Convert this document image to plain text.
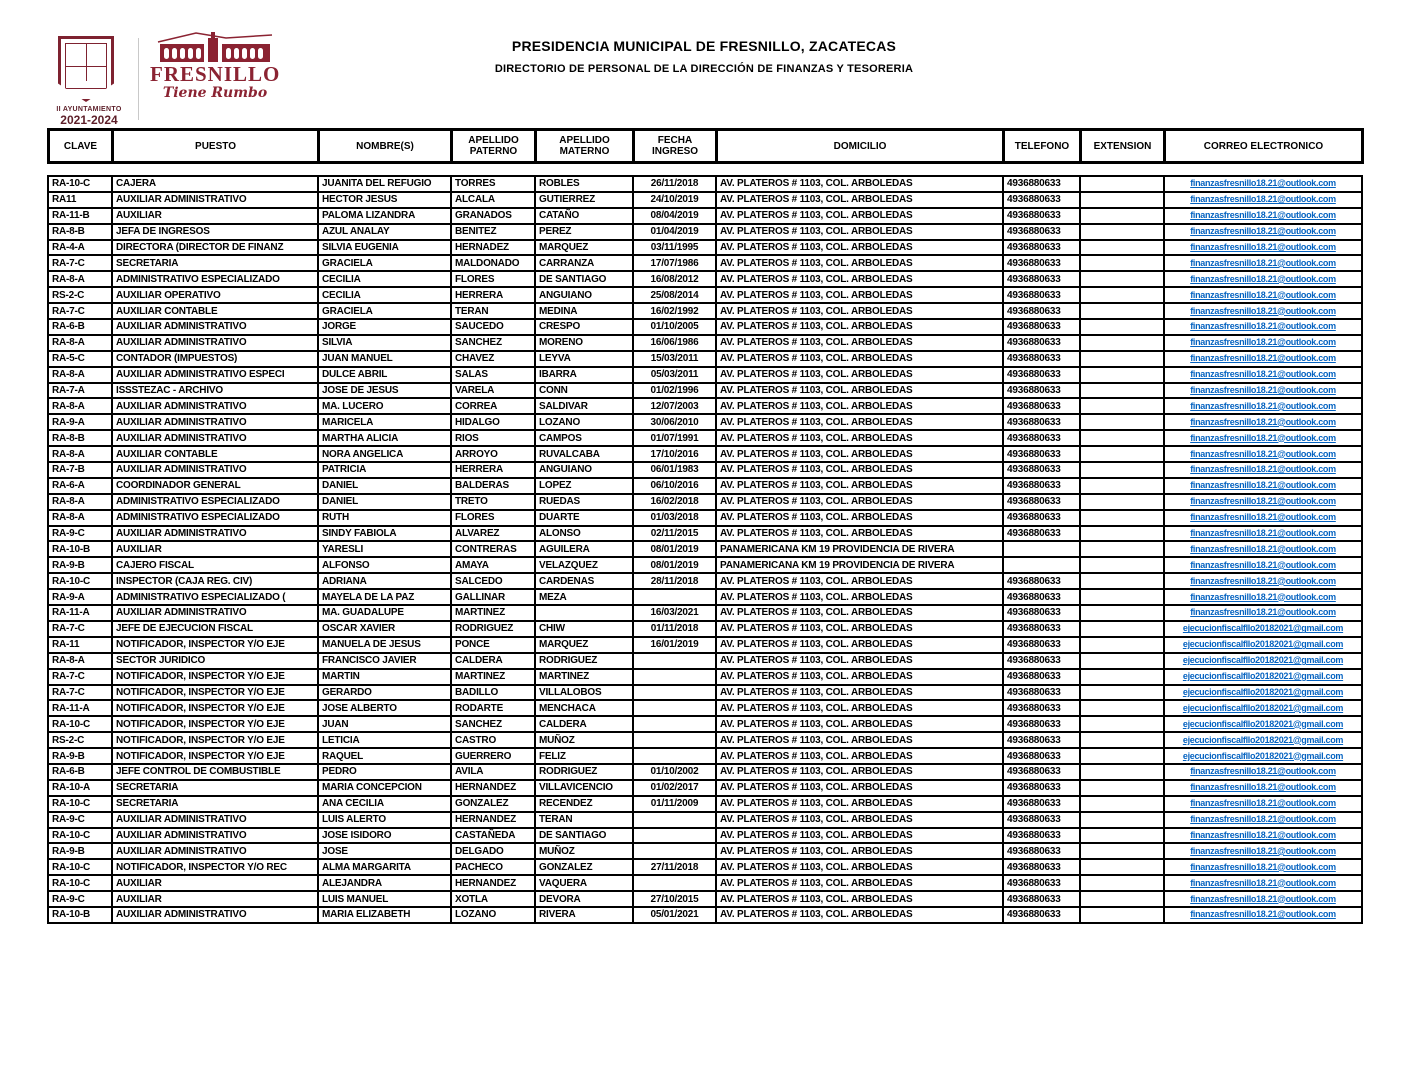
II AYUNTAMIENTO
2021-2024
FRESNILLO
Tiene Rumbo
PRESIDENCIA MUNICIPAL DE FRESNILLO, ZACATECAS
DIRECTORIO DE PERSONAL DE LA DIRECCIÓN DE FINANZAS Y TESORERIA
CLAVE	PUESTO	NOMBRE(S)	APELLIDO PATERNO	APELLIDO MATERNO	FECHA INGRESO	DOMICILIO	TELEFONO	EXTENSION	CORREO ELECTRONICO
RA-10-C	CAJERA	JUANITA DEL REFUGIO	TORRES	ROBLES	26/11/2018	AV. PLATEROS # 1103, COL. ARBOLEDAS	4936880633		finanzasfresnillo18.21@outlook.com
RA11	AUXILIAR ADMINISTRATIVO	HECTOR JESUS	ALCALA	GUTIERREZ	24/10/2019	AV. PLATEROS # 1103, COL. ARBOLEDAS	4936880633		finanzasfresnillo18.21@outlook.com
RA-11-B	AUXILIAR	PALOMA LIZANDRA	GRANADOS	CATAÑO	08/04/2019	AV. PLATEROS # 1103, COL. ARBOLEDAS	4936880633		finanzasfresnillo18.21@outlook.com
RA-8-B	JEFA DE INGRESOS	AZUL ANALAY	BENITEZ	PEREZ	01/04/2019	AV. PLATEROS # 1103, COL. ARBOLEDAS	4936880633		finanzasfresnillo18.21@outlook.com
RA-4-A	DIRECTORA (DIRECTOR DE FINANZ	SILVIA EUGENIA	HERNADEZ	MARQUEZ	03/11/1995	AV. PLATEROS # 1103, COL. ARBOLEDAS	4936880633		finanzasfresnillo18.21@outlook.com
RA-7-C	SECRETARIA	GRACIELA	MALDONADO	CARRANZA	17/07/1986	AV. PLATEROS # 1103, COL. ARBOLEDAS	4936880633		finanzasfresnillo18.21@outlook.com
RA-8-A	ADMINISTRATIVO ESPECIALIZADO	CECILIA	FLORES	DE SANTIAGO	16/08/2012	AV. PLATEROS # 1103, COL. ARBOLEDAS	4936880633		finanzasfresnillo18.21@outlook.com
RS-2-C	AUXILIAR OPERATIVO	CECILIA	HERRERA	ANGUIANO	25/08/2014	AV. PLATEROS # 1103, COL. ARBOLEDAS	4936880633		finanzasfresnillo18.21@outlook.com
RA-7-C	AUXILIAR CONTABLE	GRACIELA	TERAN	MEDINA	16/02/1992	AV. PLATEROS # 1103, COL. ARBOLEDAS	4936880633		finanzasfresnillo18.21@outlook.com
RA-6-B	AUXILIAR ADMINISTRATIVO	JORGE	SAUCEDO	CRESPO	01/10/2005	AV. PLATEROS # 1103, COL. ARBOLEDAS	4936880633		finanzasfresnillo18.21@outlook.com
RA-8-A	AUXILIAR ADMINISTRATIVO	SILVIA	SANCHEZ	MORENO	16/06/1986	AV. PLATEROS # 1103, COL. ARBOLEDAS	4936880633		finanzasfresnillo18.21@outlook.com
RA-5-C	CONTADOR (IMPUESTOS)	JUAN MANUEL	CHAVEZ	LEYVA	15/03/2011	AV. PLATEROS # 1103, COL. ARBOLEDAS	4936880633		finanzasfresnillo18.21@outlook.com
RA-8-A	AUXILIAR ADMINISTRATIVO ESPECI	DULCE ABRIL	SALAS	IBARRA	05/03/2011	AV. PLATEROS # 1103, COL. ARBOLEDAS	4936880633		finanzasfresnillo18.21@outlook.com
RA-7-A	ISSSTEZAC - ARCHIVO	JOSE DE JESUS	VARELA	CONN	01/02/1996	AV. PLATEROS # 1103, COL. ARBOLEDAS	4936880633		finanzasfresnillo18.21@outlook.com
RA-8-A	AUXILIAR ADMINISTRATIVO	MA. LUCERO	CORREA	SALDIVAR	12/07/2003	AV. PLATEROS # 1103, COL. ARBOLEDAS	4936880633		finanzasfresnillo18.21@outlook.com
RA-9-A	AUXILIAR ADMINISTRATIVO	MARICELA	HIDALGO	LOZANO	30/06/2010	AV. PLATEROS # 1103, COL. ARBOLEDAS	4936880633		finanzasfresnillo18.21@outlook.com
RA-8-B	AUXILIAR ADMINISTRATIVO	MARTHA ALICIA	RIOS	CAMPOS	01/07/1991	AV. PLATEROS # 1103, COL. ARBOLEDAS	4936880633		finanzasfresnillo18.21@outlook.com
RA-8-A	AUXILIAR CONTABLE	NORA ANGELICA	ARROYO	RUVALCABA	17/10/2016	AV. PLATEROS # 1103, COL. ARBOLEDAS	4936880633		finanzasfresnillo18.21@outlook.com
RA-7-B	AUXILIAR ADMINISTRATIVO	PATRICIA	HERRERA	ANGUIANO	06/01/1983	AV. PLATEROS # 1103, COL. ARBOLEDAS	4936880633		finanzasfresnillo18.21@outlook.com
RA-6-A	COORDINADOR GENERAL	DANIEL	BALDERAS	LOPEZ	06/10/2016	AV. PLATEROS # 1103, COL. ARBOLEDAS	4936880633		finanzasfresnillo18.21@outlook.com
RA-8-A	ADMINISTRATIVO ESPECIALIZADO	DANIEL	TRETO	RUEDAS	16/02/2018	AV. PLATEROS # 1103, COL. ARBOLEDAS	4936880633		finanzasfresnillo18.21@outlook.com
RA-8-A	ADMINISTRATIVO ESPECIALIZADO	RUTH	FLORES	DUARTE	01/03/2018	AV. PLATEROS # 1103, COL. ARBOLEDAS	4936880633		finanzasfresnillo18.21@outlook.com
RA-9-C	AUXILIAR ADMINISTRATIVO	SINDY FABIOLA	ALVAREZ	ALONSO	02/11/2015	AV. PLATEROS # 1103, COL. ARBOLEDAS	4936880633		finanzasfresnillo18.21@outlook.com
RA-10-B	AUXILIAR	YARESLI	CONTRERAS	AGUILERA	08/01/2019	PANAMERICANA KM 19 PROVIDENCIA DE RIVERA			finanzasfresnillo18.21@outlook.com
RA-9-B	CAJERO FISCAL	ALFONSO	AMAYA	VELAZQUEZ	08/01/2019	PANAMERICANA KM 19 PROVIDENCIA DE RIVERA			finanzasfresnillo18.21@outlook.com
RA-10-C	INSPECTOR (CAJA REG. CIV)	ADRIANA	SALCEDO	CARDENAS	28/11/2018	AV. PLATEROS # 1103, COL. ARBOLEDAS	4936880633		finanzasfresnillo18.21@outlook.com
RA-9-A	ADMINISTRATIVO ESPECIALIZADO (	MAYELA DE LA PAZ	GALLINAR	MEZA		AV. PLATEROS # 1103, COL. ARBOLEDAS	4936880633		finanzasfresnillo18.21@outlook.com
RA-11-A	AUXILIAR ADMINISTRATIVO	MA. GUADALUPE	MARTINEZ		16/03/2021	AV. PLATEROS # 1103, COL. ARBOLEDAS	4936880633		finanzasfresnillo18.21@outlook.com
RA-7-C	JEFE DE EJECUCION FISCAL	OSCAR XAVIER	RODRIGUEZ	CHIW	01/11/2018	AV. PLATEROS # 1103, COL. ARBOLEDAS	4936880633		ejecucionfiscalfllo20182021@gmail.com
RA-11	NOTIFICADOR, INSPECTOR Y/O EJE	MANUELA DE JESUS	PONCE	MARQUEZ	16/01/2019	AV. PLATEROS # 1103, COL. ARBOLEDAS	4936880633		ejecucionfiscalfllo20182021@gmail.com
RA-8-A	SECTOR JURIDICO	FRANCISCO JAVIER	CALDERA	RODRIGUEZ		AV. PLATEROS # 1103, COL. ARBOLEDAS	4936880633		ejecucionfiscalfllo20182021@gmail.com
RA-7-C	NOTIFICADOR, INSPECTOR Y/O EJE	MARTIN	MARTINEZ	MARTINEZ		AV. PLATEROS # 1103, COL. ARBOLEDAS	4936880633		ejecucionfiscalfllo20182021@gmail.com
RA-7-C	NOTIFICADOR, INSPECTOR Y/O EJE	GERARDO	BADILLO	VILLALOBOS		AV. PLATEROS # 1103, COL. ARBOLEDAS	4936880633		ejecucionfiscalfllo20182021@gmail.com
RA-11-A	NOTIFICADOR, INSPECTOR Y/O EJE	JOSE ALBERTO	RODARTE	MENCHACA		AV. PLATEROS # 1103, COL. ARBOLEDAS	4936880633		ejecucionfiscalfllo20182021@gmail.com
RA-10-C	NOTIFICADOR, INSPECTOR Y/O EJE	JUAN	SANCHEZ	CALDERA		AV. PLATEROS # 1103, COL. ARBOLEDAS	4936880633		ejecucionfiscalfllo20182021@gmail.com
RS-2-C	NOTIFICADOR, INSPECTOR Y/O EJE	LETICIA	CASTRO	MUÑOZ		AV. PLATEROS # 1103, COL. ARBOLEDAS	4936880633		ejecucionfiscalfllo20182021@gmail.com
RA-9-B	NOTIFICADOR, INSPECTOR Y/O EJE	RAQUEL	GUERRERO	FELIZ		AV. PLATEROS # 1103, COL. ARBOLEDAS	4936880633		ejecucionfiscalfllo20182021@gmail.com
RA-6-B	JEFE CONTROL DE COMBUSTIBLE	PEDRO	AVILA	RODRIGUEZ	01/10/2002	AV. PLATEROS # 1103, COL. ARBOLEDAS	4936880633		finanzasfresnillo18.21@outlook.com
RA-10-A	SECRETARIA	MARIA CONCEPCION	HERNANDEZ	VILLAVICENCIO	01/02/2017	AV. PLATEROS # 1103, COL. ARBOLEDAS	4936880633		finanzasfresnillo18.21@outlook.com
RA-10-C	SECRETARIA	ANA CECILIA	GONZALEZ	RECENDEZ	01/11/2009	AV. PLATEROS # 1103, COL. ARBOLEDAS	4936880633		finanzasfresnillo18.21@outlook.com
RA-9-C	AUXILIAR ADMINISTRATIVO	LUIS ALERTO	HERNANDEZ	TERAN		AV. PLATEROS # 1103, COL. ARBOLEDAS	4936880633		finanzasfresnillo18.21@outlook.com
RA-10-C	AUXILIAR ADMINISTRATIVO	JOSE ISIDORO	CASTAÑEDA	DE SANTIAGO		AV. PLATEROS # 1103, COL. ARBOLEDAS	4936880633		finanzasfresnillo18.21@outlook.com
RA-9-B	AUXILIAR ADMINISTRATIVO	JOSE	DELGADO	MUÑOZ		AV. PLATEROS # 1103, COL. ARBOLEDAS	4936880633		finanzasfresnillo18.21@outlook.com
RA-10-C	NOTIFICADOR, INSPECTOR Y/O REC	ALMA MARGARITA	PACHECO	GONZALEZ	27/11/2018	AV. PLATEROS # 1103, COL. ARBOLEDAS	4936880633		finanzasfresnillo18.21@outlook.com
RA-10-C	AUXILIAR	ALEJANDRA	HERNANDEZ	VAQUERA		AV. PLATEROS # 1103, COL. ARBOLEDAS	4936880633		finanzasfresnillo18.21@outlook.com
RA-9-C	AUXILIAR	LUIS MANUEL	XOTLA	DEVORA	27/10/2015	AV. PLATEROS # 1103, COL. ARBOLEDAS	4936880633		finanzasfresnillo18.21@outlook.com
RA-10-B	AUXILIAR ADMINISTRATIVO	MARIA ELIZABETH	LOZANO	RIVERA	05/01/2021	AV. PLATEROS # 1103, COL. ARBOLEDAS	4936880633		finanzasfresnillo18.21@outlook.com
